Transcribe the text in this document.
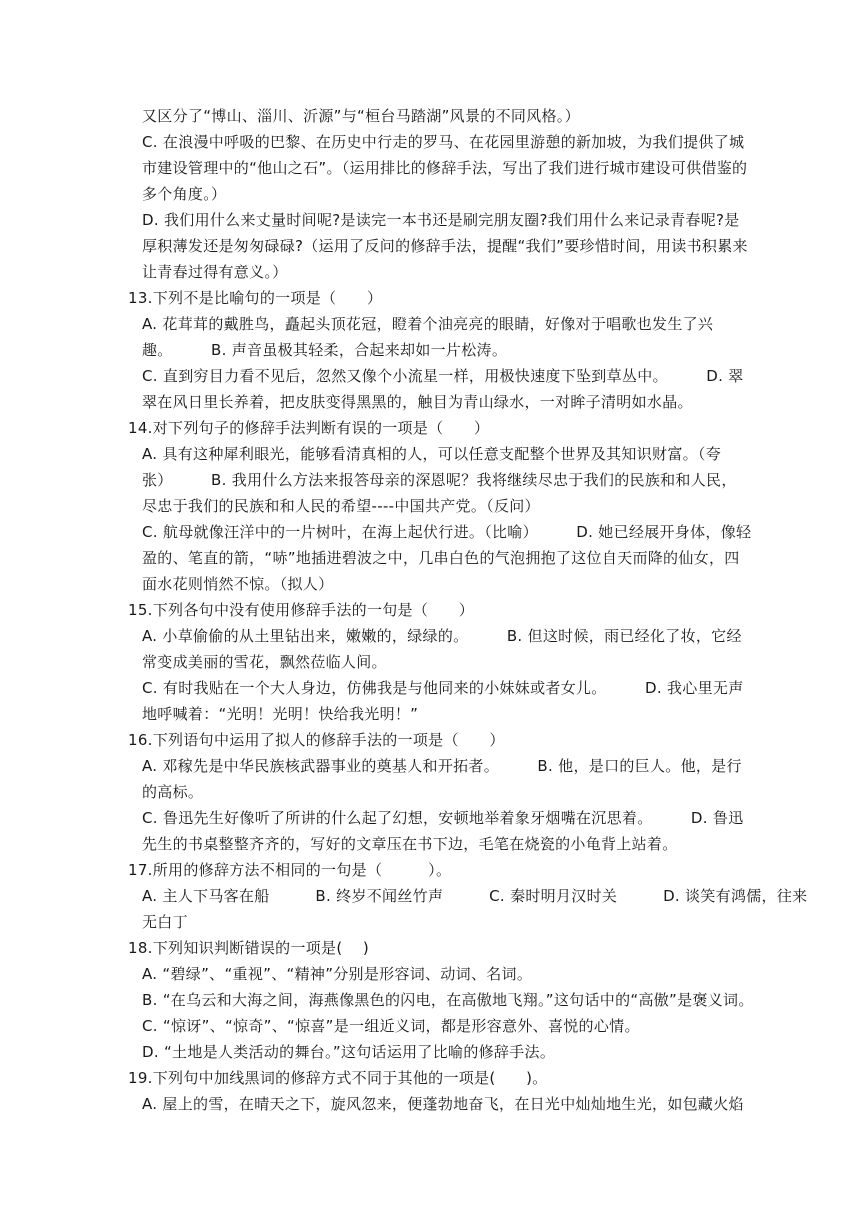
又区分了“博山、淄川、沂源”与“桓台马踏湖”风景的不同风格。）
C. 在浪漫中呼吸的巴黎、在历史中行走的罗马、在花园里游憩的新加坡，为我们提供了城
市建设管理中的“他山之石”。（运用排比的修辞手法，写出了我们进行城市建设可供借鉴的
多个角度。）
D. 我们用什么来丈量时间呢?是读完一本书还是刷完朋友圈?我们用什么来记录青春呢?是
厚积薄发还是匆匆碌碌?（运用了反问的修辞手法，提醒“我们”要珍惜时间，用读书积累来
让青春过得有意义。）
13.下列不是比喻句的一项是（　　）
A. 花茸茸的戴胜鸟，矗起头顶花冠，瞪着个油亮亮的眼睛，好像对于唱歌也发生了兴
趣。　　　B. 声音虽极其轻柔，合起来却如一片松涛。
C. 直到穷目力看不见后，忽然又像个小流星一样，用极快速度下坠到草丛中。　　　D. 翠
翠在风日里长养着，把皮肤变得黑黑的，触目为青山绿水，一对眸子清明如水晶。
14.对下列句子的修辞手法判断有误的一项是（　　）
A. 具有这种犀利眼光，能够看清真相的人，可以任意支配整个世界及其知识财富。（夸
张）　　　B. 我用什么方法来报答母亲的深恩呢？我将继续尽忠于我们的民族和和人民，
尽忠于我们的民族和和人民的希望----中国共产党。（反问）
C. 航母就像汪洋中的一片树叶，在海上起伏行进。（比喻）　　　D. 她已经展开身体，像轻
盈的、笔直的箭，“哧”地插进碧波之中，几串白色的气泡拥抱了这位自天而降的仙女，四
面水花则悄然不惊。（拟人）
15.下列各句中没有使用修辞手法的一句是（　　）
A. 小草偷偷的从土里钻出来，嫩嫩的，绿绿的。　　　B. 但这时候，雨已经化了妆，它经
常变成美丽的雪花，飘然莅临人间。
C. 有时我贴在一个大人身边，仿佛我是与他同来的小妹妹或者女儿。　　　D. 我心里无声
地呼喊着：“光明！光明！快给我光明！”
16.下列语句中运用了拟人的修辞手法的一项是（　　）
A. 邓稼先是中华民族核武器事业的奠基人和开拓者。　　　B. 他，是口的巨人。他，是行
的高标。
C. 鲁迅先生好像听了所讲的什么起了幻想，安顿地举着象牙烟嘴在沉思着。　　　D. 鲁迅
先生的书桌整整齐齐的，写好的文章压在书下边，毛笔在烧瓷的小龟背上站着。
17.所用的修辞方法不相同的一句是（　　　）。
A. 主人下马客在船　　　B. 终岁不闻丝竹声　　　C. 秦时明月汉时关　　　D. 谈笑有鸿儒，往来
无白丁
18.下列知识判断错误的一项是(　 )
A. “碧绿”、“重视”、“精神”分别是形容词、动词、名词。
B. “在乌云和大海之间，海燕像黑色的闪电，在高傲地飞翔。”这句话中的“高傲”是褒义词。
C. “惊讶”、“惊奇”、“惊喜”是一组近义词，都是形容意外、喜悦的心情。
D. “土地是人类活动的舞台。”这句话运用了比喻的修辞手法。
19.下列句中加线黑词的修辞方式不同于其他的一项是(　　)。
A. 屋上的雪，在晴天之下，旋风忽来，便蓬勃地奋飞，在日光中灿灿地生光，如包藏火焰
